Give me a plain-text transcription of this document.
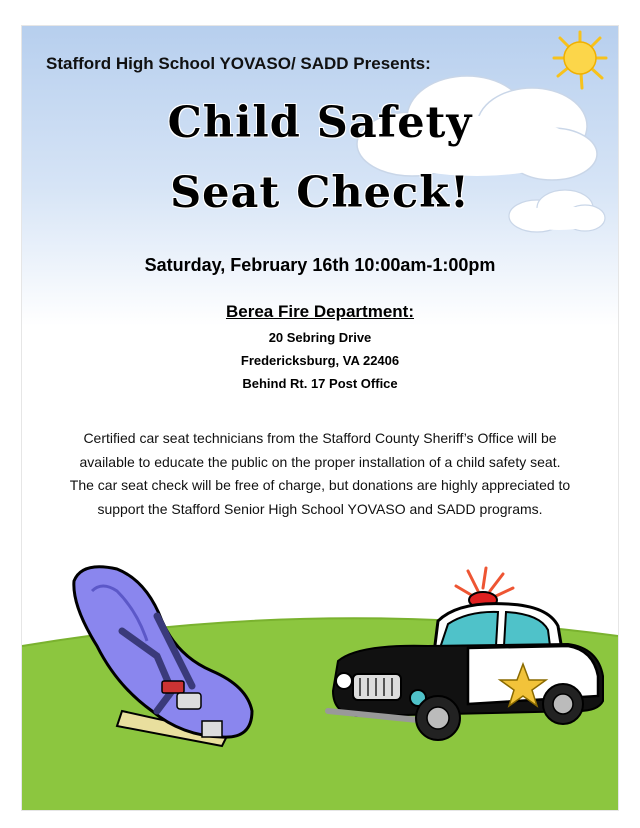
Stafford High School YOVASO/ SADD Presents:
Child Safety
Seat Check!
Saturday, February 16th 10:00am-1:00pm
Berea Fire Department:
20 Sebring Drive
Fredericksburg, VA 22406
Behind Rt. 17 Post Office
Certified car seat technicians from the Stafford County Sheriff’s Office will be
available to educate the public on the proper installation of a child safety seat.
The car seat check will be free of charge, but donations are highly appreciated to
support the Stafford Senior High School YOVASO and SADD programs.
